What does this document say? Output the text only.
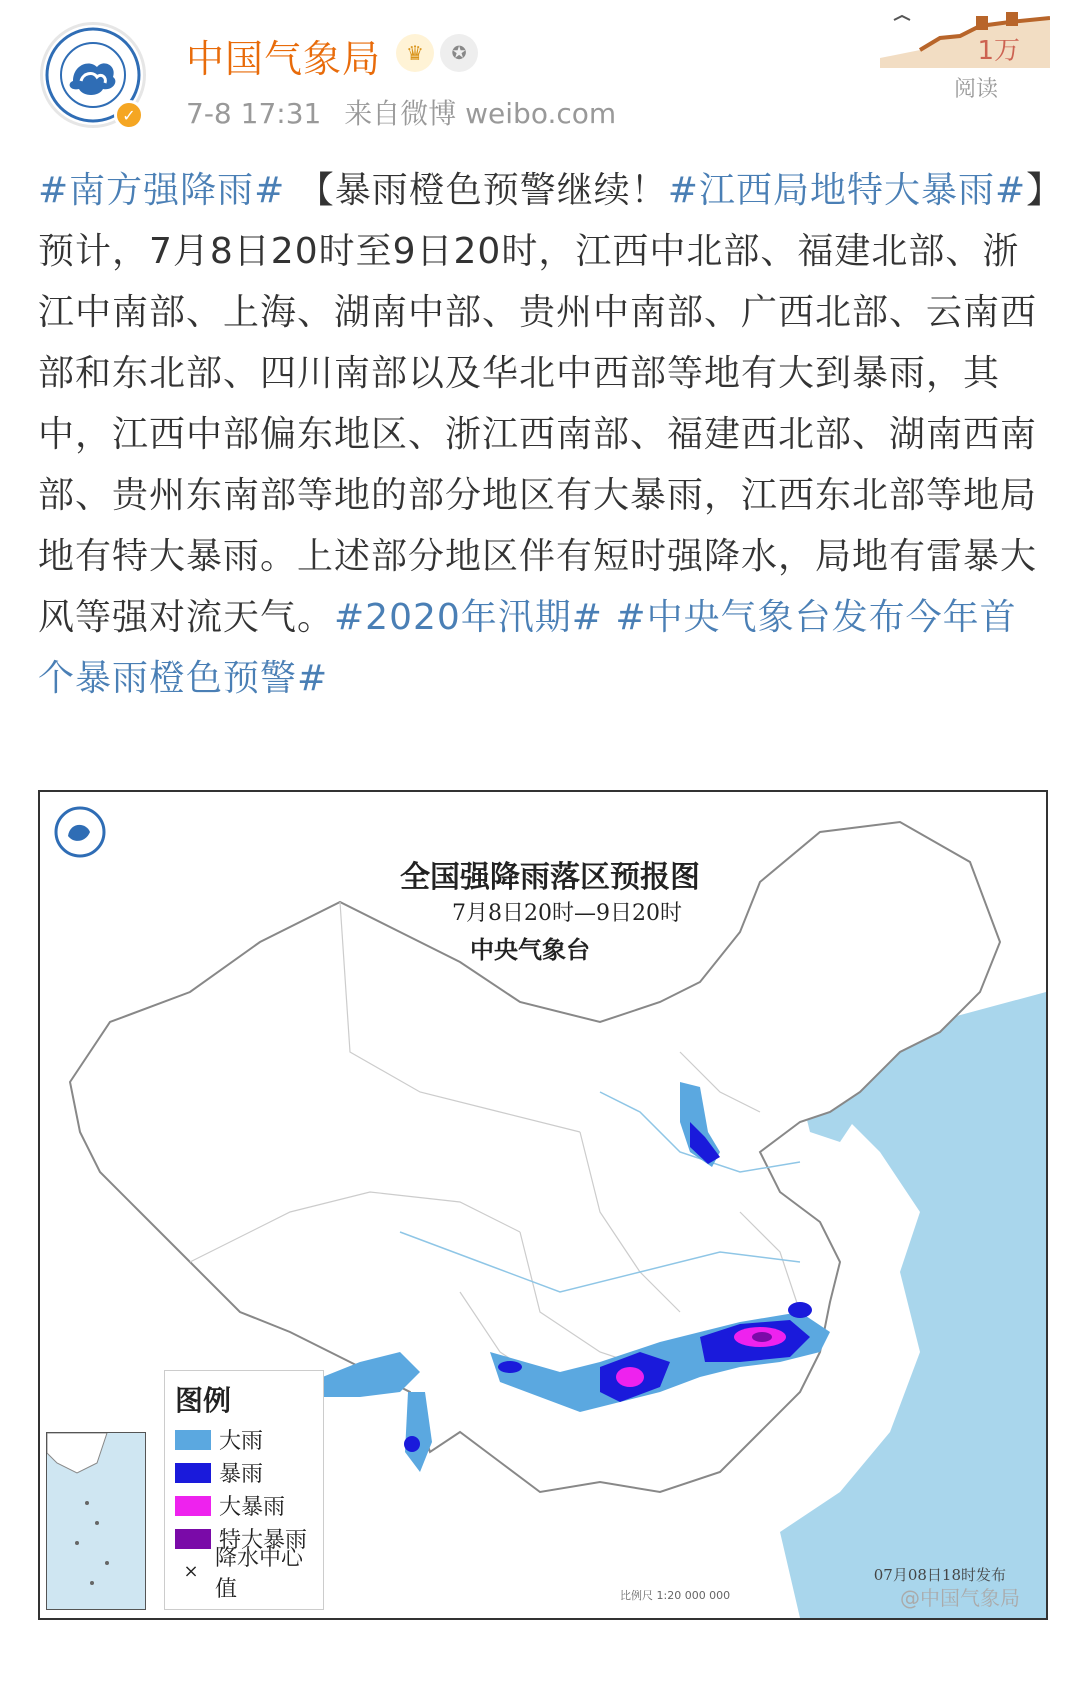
✓
中国气象局	♛	✪
7-8 17:31 来自微博 weibo.com
1万
阅读
#南方强降雨# 【暴雨橙色预警继续！#江西局地特大暴雨#】预计，7月8日20时至9日20时，江西中北部、福建北部、浙江中南部、上海、湖南中部、贵州中南部、广西北部、云南西部和东北部、四川南部以及华北中西部等地有大到暴雨，其中，江西中部偏东地区、浙江西南部、福建西北部、湖南西南部、贵州东南部等地的部分地区有大暴雨，江西东北部等地局地有特大暴雨。上述部分地区伴有短时强降水，局地有雷暴大风等强对流天气。#2020年汛期# #中央气象台发布今年首个暴雨橙色预警#
全国强降雨落区预报图
7月8日20时—9日20时
中央气象台
图例
大雨
暴雨
大暴雨
特大暴雨
×
降水中心值
07月08日18时发布
比例尺 1:20 000 000	@中国气象局
